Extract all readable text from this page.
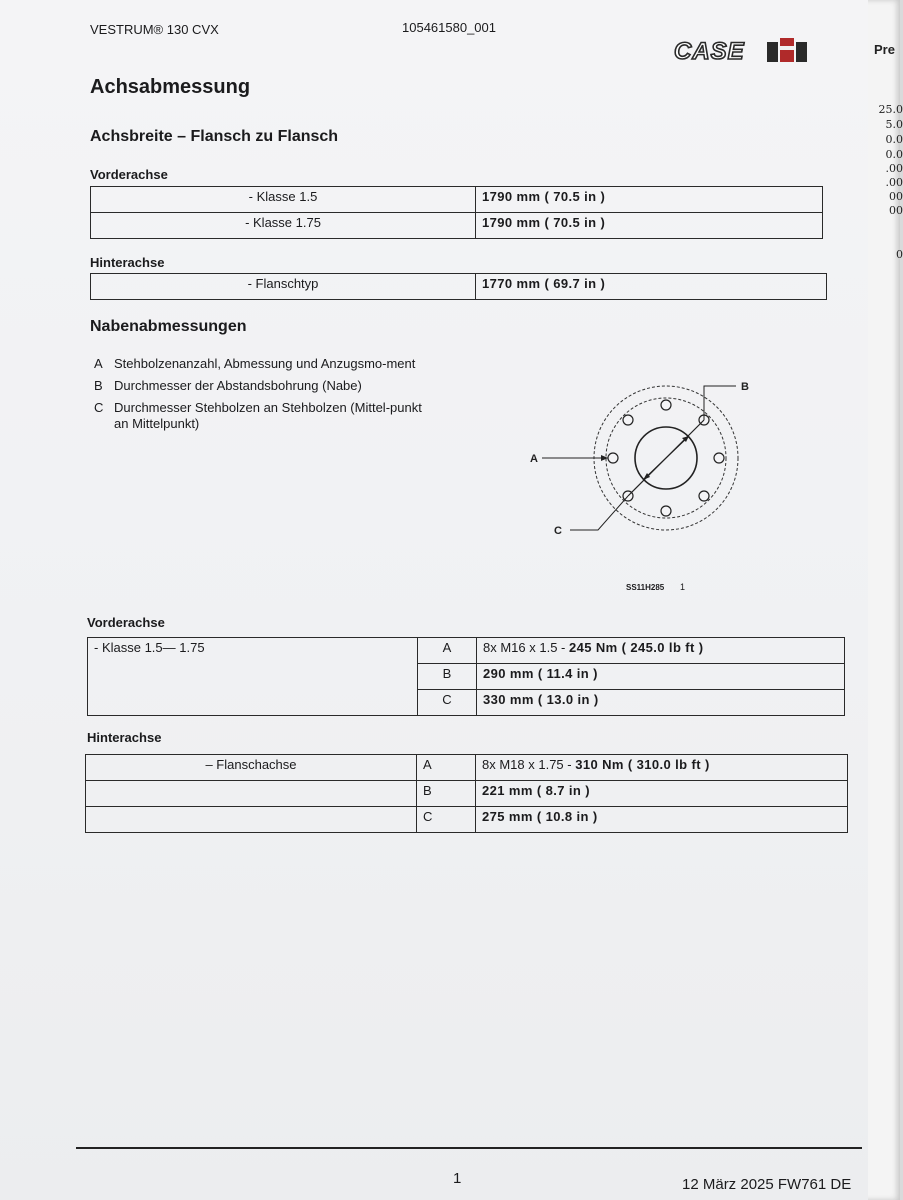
Pre
25.0
5.0
0.0
0.0
.00
.00
00
00
0
VESTRUM® 130 CVX	105461580_001
CASE
Achsabmessung
Achsbreite – Flansch zu Flansch
Vorderachse
- Klasse 1.5	1790 mm ( 70.5 in )
- Klasse 1.75	1790 mm ( 70.5 in )
Hinterachse
- Flanschtyp	1770 mm ( 69.7 in )
Nabenabmessungen
A Stehbolzenanzahl, Abmessung und Anzugsmo-ment
B Durchmesser der Abstandsbohrung (Nabe)
C Durchmesser Stehbolzen an Stehbolzen (Mittel-punkt an Mittelpunkt)
A
B
C
SS11H285 1
Vorderachse
- Klasse 1.5— 1.75	A	8x M16 x 1.5 - 245 Nm ( 245.0 lb ft )
	B	290 mm ( 11.4 in )
	C	330 mm ( 13.0 in )
Hinterachse
– Flanschachse	A	8x M18 x 1.75 - 310 Nm ( 310.0 lb ft )
	B	221 mm ( 8.7 in )
	C	275 mm ( 10.8 in )
1	12 März 2025 FW761 DE
